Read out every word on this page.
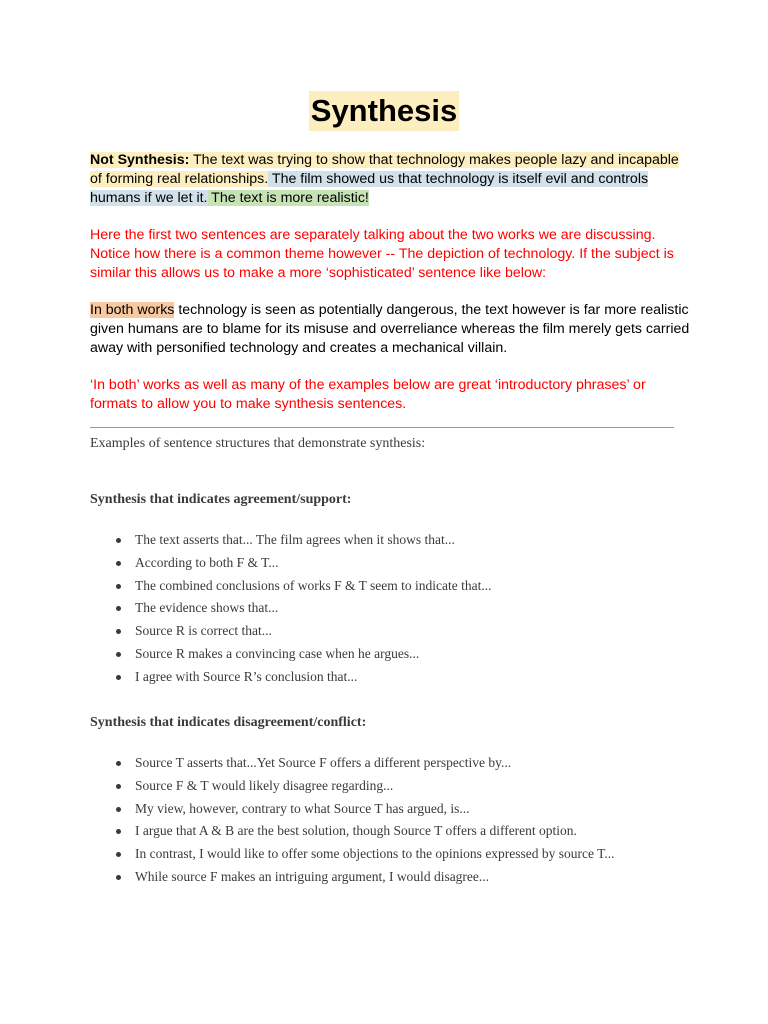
Synthesis
Not Synthesis: The text was trying to show that technology makes people lazy and incapable of forming real relationships. The film showed us that technology is itself evil and controls humans if we let it. The text is more realistic!
Here the first two sentences are separately talking about the two works we are discussing. Notice how there is a common theme however -- The depiction of technology. If the subject is similar this allows us to make a more ‘sophisticated’ sentence like below:
In both works technology is seen as potentially dangerous, the text however is far more realistic given humans are to blame for its misuse and overreliance whereas the film merely gets carried away with personified technology and creates a mechanical villain.
‘In both’ works as well as many of the examples below are great ‘introductory phrases’ or formats to allow you to make synthesis sentences.
Examples of sentence structures that demonstrate synthesis:
Synthesis that indicates agreement/support:
The text asserts that... The film agrees when it shows that...
According to both F & T...
The combined conclusions of works F & T seem to indicate that...
The evidence shows that...
Source R is correct that...
Source R makes a convincing case when he argues...
I agree with Source R’s conclusion that...
Synthesis that indicates disagreement/conflict:
Source T asserts that...Yet Source F offers a different perspective by...
Source F & T would likely disagree regarding...
My view, however, contrary to what Source T has argued, is...
I argue that A & B are the best solution, though Source T offers a different option.
In contrast, I would like to offer some objections to the opinions expressed by source T...
While source F makes an intriguing argument, I would disagree...
